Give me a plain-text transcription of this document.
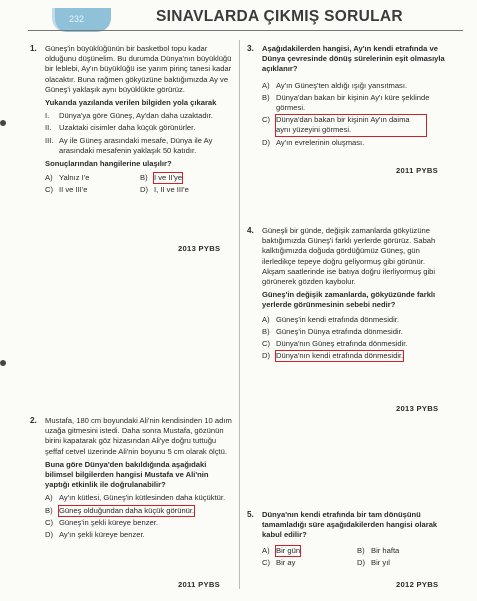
232	SINAVLARDA ÇIKMIŞ SORULAR
1. Güneş'in büyüklüğünün bir basketbol topu kadar olduğunu düşünelim. Bu durumda Dünya'nın büyüklüğü bir leblebi, Ay'ın büyüklüğü ise yarım pirinç tanesi kadar olacaktır. Buna rağmen gökyüzüne baktığımızda Ay ve Güneş'i yaklaşık aynı büyüklükte görürüz.

Yukarıda yazılanda verilen bilgiden yola çıkarak

I.	Dünya'ya göre Güneş, Ay'dan daha uzaktadır.
II.	Uzaktaki cisimler daha küçük görünürler.
III. Ay ile Güneş arasındaki mesafe, Dünya ile Ay arasındaki mesafenin yaklaşık 50 katıdır.

Sonuçlarından hangilerine ulaşılır?

A) Yalnız I'e	B) I ve II'ye
C) II ve III'e	D) I, II ve III'e
2013 PYBS
2. Mustafa, 180 cm boyundaki Ali'nin kendisinden 10 adım uzağa gitmesini istedi. Daha sonra Mustafa, gözünün birini kapatarak göz hizasından Ali'ye doğru tuttuğu şeffaf cetvel üzerinde Ali'nin boyunu 5 cm olarak ölçtü.

Buna göre Dünya'den bakıldığında aşağıdaki bilimsel bilgilerden hangisi Mustafa ve Ali'nin yaptığı etkinlik ile doğrulanabilir?

A) Ay'ın kütlesi, Güneş'in kütlesinden daha küçüktür.
B) Güneş olduğundan daha küçük görünür.
C) Güneş'in şekli küreye benzer.
D) Ay'ın şekli küreye benzer.
2011 PYBS
3. Aşağıdakilerden hangisi, Ay'ın kendi etrafında ve Dünya çevresinde dönüş sürelerinin eşit olmasıyla açıklanır?

A) Ay'ın Güneş'ten aldığı ışığı yansıtması.
B) Dünya'dan bakan bir kişinin Ay'ı küre şeklinde görmesi.
C) Dünya'dan bakan bir kişinin Ay'ın daima aynı yüzeyini görmesi.
D) Ay'ın evrelerinin oluşması.
2011 PYBS
4. Güneşli bir günde, değişik zamanlarda gökyüzüne baktığımızda Güneş'i farklı yerlerde görürüz. Sabah kalktığımızda doğuda gördüğümüz Güneş, gün ilerledikçe tepeye doğru geliyormuş gibi görünür. Akşam saatlerinde ise batıya doğru ilerliyormuş gibi görünerek gözden kaybolur.

Güneş'in değişik zamanlarda, gökyüzünde farklı yerlerde görünmesinin sebebi nedir?

A) Güneş'in kendi etrafında dönmesidir.
B) Güneş'in Dünya etrafında dönmesidir.
C) Dünya'nın Güneş etrafında dönmesidir.
D) Dünya'nın kendi etrafında dönmesidir.
2013 PYBS
5. Dünya'nın kendi etrafında bir tam dönüşünü tamamladığı süre aşağıdakilerden hangisi olarak kabul edilir?

A) Bir gün	B) Bir hafta
C) Bir ay	D) Bir yıl
2012 PYBS
